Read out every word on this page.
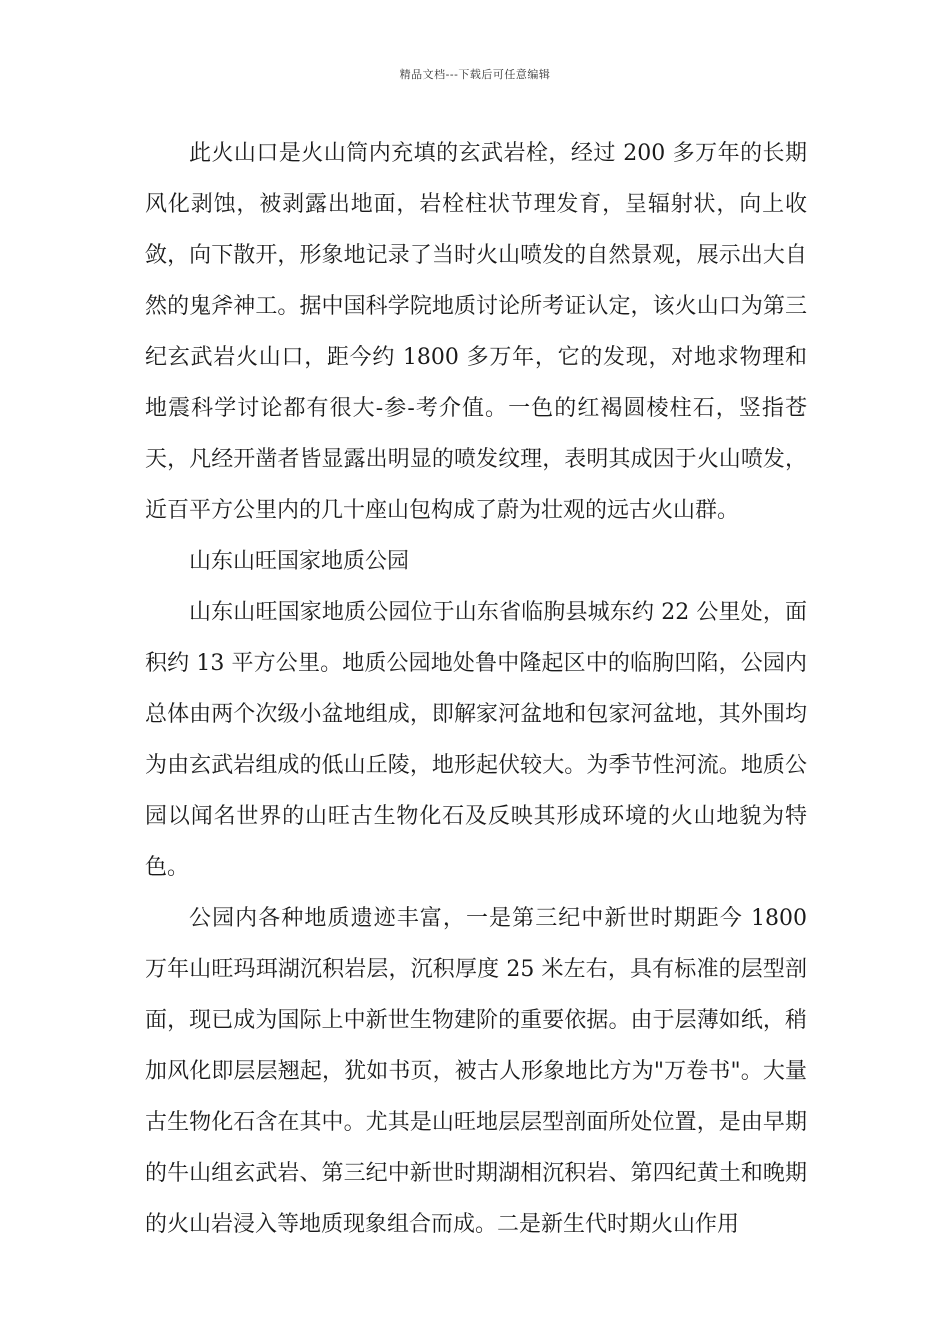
精品文档---下载后可任意编辑

此火山口是火山筒内充填的玄武岩栓，经过 200 多万年的长期风化剥蚀，被剥露出地面，岩栓柱状节理发育，呈辐射状，向上收敛，向下散开，形象地记录了当时火山喷发的自然景观，展示出大自然的鬼斧神工。据中国科学院地质讨论所考证认定，该火山口为第三纪玄武岩火山口，距今约 1800 多万年，它的发现，对地求物理和地震科学讨论都有很大-参-考介值。一色的红褐圆棱柱石，竖指苍天，凡经开凿者皆显露出明显的喷发纹理，表明其成因于火山喷发，近百平方公里内的几十座山包构成了蔚为壮观的远古火山群。

山东山旺国家地质公园

山东山旺国家地质公园位于山东省临朐县城东约 22 公里处，面积约 13 平方公里。地质公园地处鲁中隆起区中的临朐凹陷，公园内总体由两个次级小盆地组成，即解家河盆地和包家河盆地，其外围均为由玄武岩组成的低山丘陵，地形起伏较大。为季节性河流。地质公园以闻名世界的山旺古生物化石及反映其形成环境的火山地貌为特色。

公园内各种地质遗迹丰富，一是第三纪中新世时期距今 1800 万年山旺玛珥湖沉积岩层，沉积厚度 25 米左右，具有标准的层型剖面，现已成为国际上中新世生物建阶的重要依据。由于层薄如纸，稍加风化即层层翘起，犹如书页，被古人形象地比方为"万卷书"。大量古生物化石含在其中。尤其是山旺地层层型剖面所处位置，是由早期的牛山组玄武岩、第三纪中新世时期湖相沉积岩、第四纪黄土和晚期的火山岩浸入等地质现象组合而成。二是新生代时期火山作用
